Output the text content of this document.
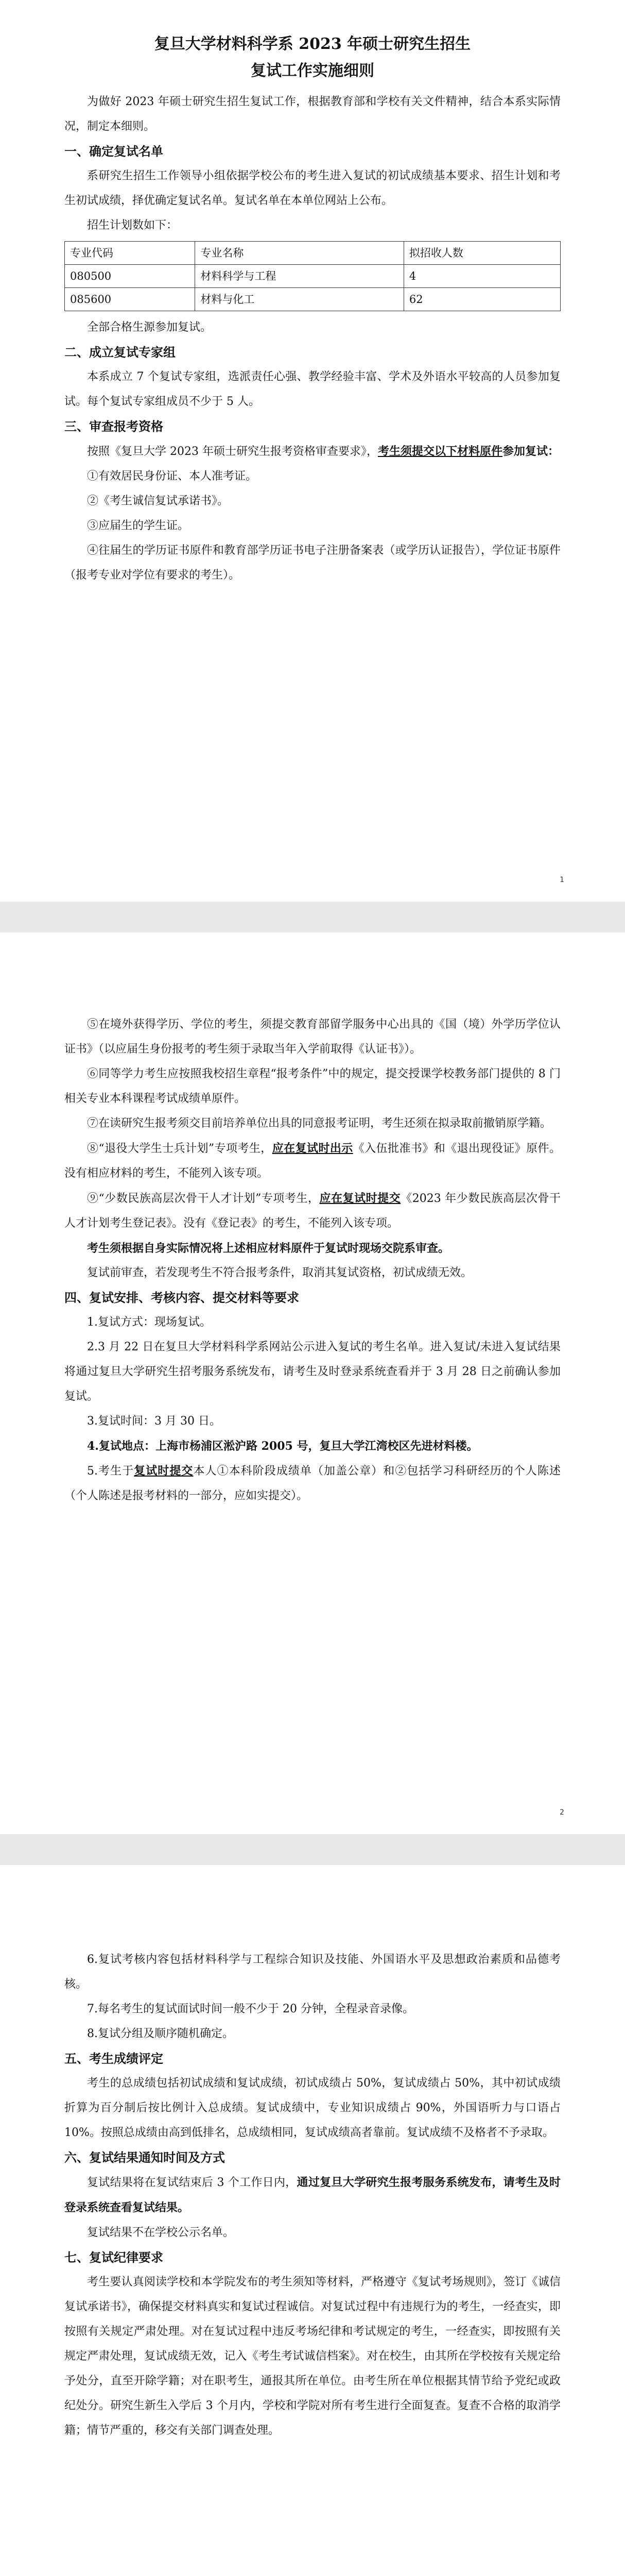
复旦大学材料科学系 2023 年硕士研究生招生
复试工作实施细则

为做好 2023 年硕士研究生招生复试工作，根据教育部和学校有关文件精神，结合本系实际情况，制定本细则。

一、确定复试名单

系研究生招生工作领导小组依据学校公布的考生进入复试的初试成绩基本要求、招生计划和考生初试成绩，择优确定复试名单。复试名单在本单位网站上公布。

招生计划数如下：

专业代码	专业名称	拟招收人数
080500	材料科学与工程	4
085600	材料与化工	62

全部合格生源参加复试。

二、成立复试专家组

本系成立 7 个复试专家组，选派责任心强、教学经验丰富、学术及外语水平较高的人员参加复试。每个复试专家组成员不少于 5 人。

三、审查报考资格

按照《复旦大学 2023 年硕士研究生报考资格审查要求》，考生须提交以下材料原件参加复试：

①有效居民身份证、本人准考证。

②《考生诚信复试承诺书》。

③应届生的学生证。

④往届生的学历证书原件和教育部学历证书电子注册备案表（或学历认证报告），学位证书原件（报考专业对学位有要求的考生）。

1

⑤在境外获得学历、学位的考生，须提交教育部留学服务中心出具的《国（境）外学历学位认证书》（以应届生身份报考的考生须于录取当年入学前取得《认证书》）。

⑥同等学力考生应按照我校招生章程“报考条件”中的规定，提交授课学校教务部门提供的 8 门相关专业本科课程考试成绩单原件。

⑦在读研究生报考须交目前培养单位出具的同意报考证明，考生还须在拟录取前撤销原学籍。

⑧“退役大学生士兵计划”专项考生，应在复试时出示《入伍批准书》和《退出现役证》原件。没有相应材料的考生，不能列入该专项。

⑨“少数民族高层次骨干人才计划”专项考生，应在复试时提交《2023 年少数民族高层次骨干人才计划考生登记表》。没有《登记表》的考生，不能列入该专项。

考生须根据自身实际情况将上述相应材料原件于复试时现场交院系审查。

复试前审查，若发现考生不符合报考条件，取消其复试资格，初试成绩无效。

四、复试安排、考核内容、提交材料等要求

1.复试方式：现场复试。

2.3 月 22 日在复旦大学材料科学系网站公示进入复试的考生名单。进入复试/未进入复试结果将通过复旦大学研究生招考服务系统发布，请考生及时登录系统查看并于 3 月 28 日之前确认参加复试。

3.复试时间：3 月 30 日。

4.复试地点：上海市杨浦区淞沪路 2005 号，复旦大学江湾校区先进材料楼。

5.考生于复试时提交本人①本科阶段成绩单（加盖公章）和②包括学习科研经历的个人陈述（个人陈述是报考材料的一部分，应如实提交）。

2

6.复试考核内容包括材料科学与工程综合知识及技能、外国语水平及思想政治素质和品德考核。

7.每名考生的复试面试时间一般不少于 20 分钟，全程录音录像。

8.复试分组及顺序随机确定。

五、考生成绩评定

考生的总成绩包括初试成绩和复试成绩，初试成绩占 50%，复试成绩占 50%，其中初试成绩折算为百分制后按比例计入总成绩。复试成绩中，专业知识成绩占 90%，外国语听力与口语占 10%。按照总成绩由高到低排名，总成绩相同，复试成绩高者靠前。复试成绩不及格者不予录取。

六、复试结果通知时间及方式

复试结果将在复试结束后 3 个工作日内，通过复旦大学研究生报考服务系统发布，请考生及时登录系统查看复试结果。

复试结果不在学校公示名单。

七、复试纪律要求

考生要认真阅读学校和本学院发布的考生须知等材料，严格遵守《复试考场规则》，签订《诚信复试承诺书》，确保提交材料真实和复试过程诚信。对复试过程中有违规行为的考生，一经查实，即按照有关规定严肃处理。对在复试过程中违反考场纪律和考试规定的考生，一经查实，即按照有关规定严肃处理，复试成绩无效，记入《考生考试诚信档案》。对在校生，由其所在学校按有关规定给予处分，直至开除学籍；对在职考生，通报其所在单位。由考生所在单位根据其情节给予党纪或政纪处分。研究生新生入学后 3 个月内，学校和学院对所有考生进行全面复查。复查不合格的取消学籍；情节严重的，移交有关部门调查处理。
